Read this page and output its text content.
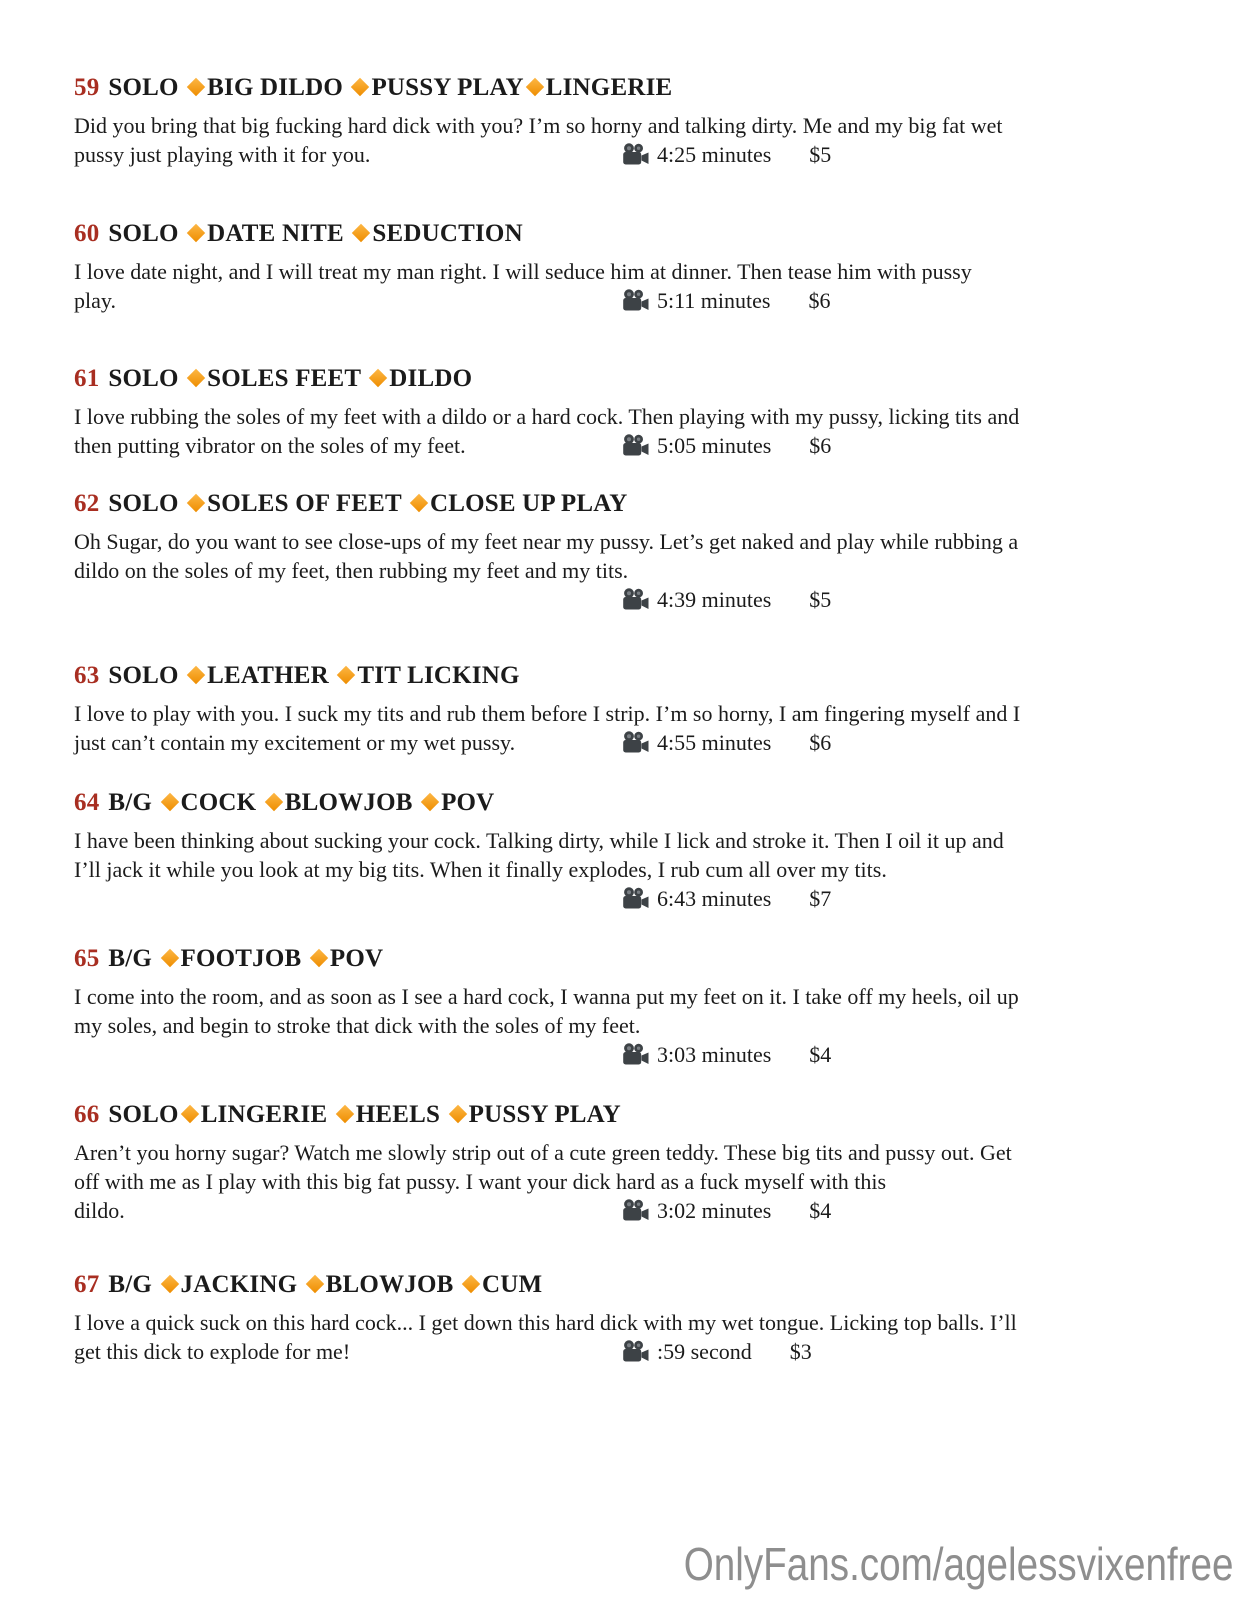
59 SOLO BIG DILDO PUSSY PLAY LINGERIE
Did you bring that big fucking hard dick with you? I’m so horny and talking dirty. Me and my big fat wet
pussy just playing with it for you.	4:25 minutes $5
60 SOLO DATE NITE SEDUCTION
I love date night, and I will treat my man right. I will seduce him at dinner. Then tease him with pussy
play.	5:11 minutes $6
61 SOLO SOLES FEET DILDO
I love rubbing the soles of my feet with a dildo or a hard cock. Then playing with my pussy, licking tits and
then putting vibrator on the soles of my feet.	5:05 minutes $6
62 SOLO SOLES OF FEET CLOSE UP PLAY
Oh Sugar, do you want to see close-ups of my feet near my pussy. Let’s get naked and play while rubbing a
dildo on the soles of my feet, then rubbing my feet and my tits.
4:39 minutes $5
63 SOLO LEATHER TIT LICKING
I love to play with you. I suck my tits and rub them before I strip. I’m so horny, I am fingering myself and I
just can’t contain my excitement or my wet pussy.	4:55 minutes $6
64 B/G COCK BLOWJOB POV
I have been thinking about sucking your cock. Talking dirty, while I lick and stroke it. Then I oil it up and
I’ll jack it while you look at my big tits. When it finally explodes, I rub cum all over my tits.
6:43 minutes $7
65 B/G FOOTJOB POV
I come into the room, and as soon as I see a hard cock, I wanna put my feet on it. I take off my heels, oil up
my soles, and begin to stroke that dick with the soles of my feet.
3:03 minutes $4
66 SOLO LINGERIE HEELS PUSSY PLAY
Aren’t you horny sugar? Watch me slowly strip out of a cute green teddy. These big tits and pussy out. Get
off with me as I play with this big fat pussy. I want your dick hard as a fuck myself with this
dildo.	3:02 minutes $4
67 B/G JACKING BLOWJOB CUM
I love a quick suck on this hard cock... I get down this hard dick with my wet tongue. Licking top balls. I’ll
get this dick to explode for me!	:59 second $3
OnlyFans.com/agelessvixenfree
